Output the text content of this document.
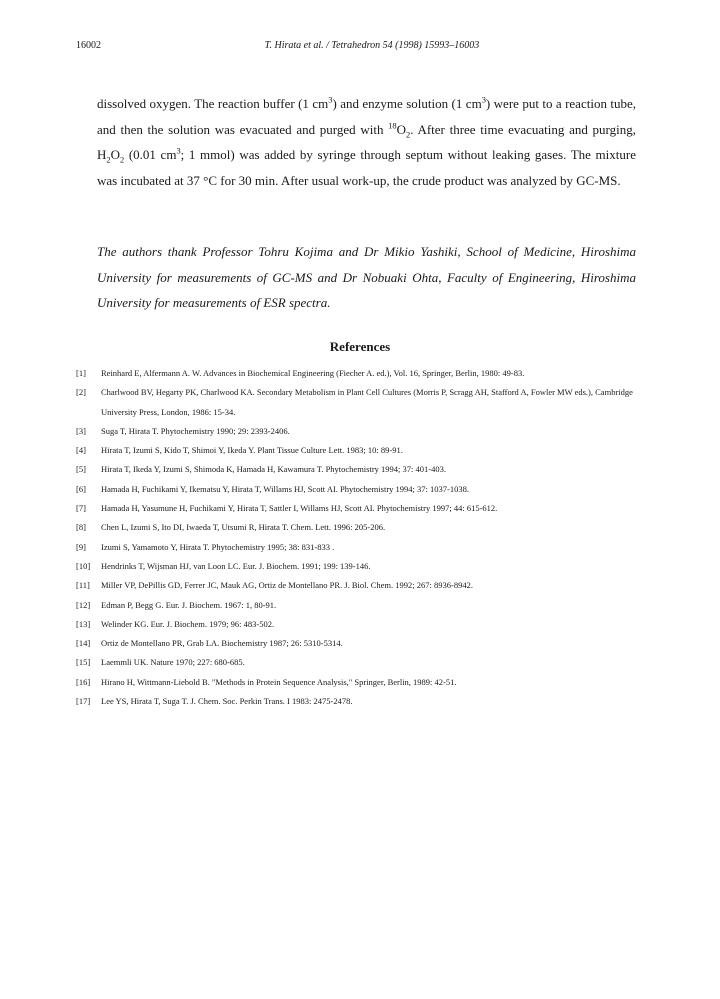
16002	T. Hirata et al. / Tetrahedron 54 (1998) 15993–16003

dissolved oxygen. The reaction buffer (1 $cm^3$) and enzyme solution (1 $cm^3$) were put to a reaction tube, and then the solution was evacuated and purged with $^{18}O_2$. After three time evacuating and purging, $H_2O_2$ (0.01 $cm^3$; 1 mmol) was added by syringe through septum without leaking gases. The mixture was incubated at 37 °C for 30 min. After usual work-up, the crude product was analyzed by GC-MS.

The authors thank Professor Tohru Kojima and Dr Mikio Yashiki, School of Medicine, Hiroshima University for measurements of GC-MS and Dr Nobuaki Ohta, Faculty of Engineering, Hiroshima University for measurements of ESR spectra.

References
[1] Reinhard E, Alfermann A. W. Advances in Biochemical Engineering (Fiecher A. ed.), Vol. 16, Springer, Berlin, 1980: 49-83.
[2] Charlwood BV, Hegarty PK, Charlwood KA. Secondary Metabolism in Plant Cell Cultures (Morris P, Scragg AH, Stafford A, Fowler MW eds.), Cambridge University Press, London, 1986: 15-34.
[3] Suga T, Hirata T. Phytochemistry 1990; 29: 2393-2406.
[4] Hirata T, Izumi S, Kido T, Shimoi Y, Ikeda Y. Plant Tissue Culture Lett. 1983; 10: 89-91.
[5] Hirata T, Ikeda Y, Izumi S, Shimoda K, Hamada H, Kawamura T. Phytochemistry 1994; 37: 401-403.
[6] Hamada H, Fuchikami Y, Ikematsu Y, Hirata T, Willams HJ, Scott AI. Phytochemistry 1994; 37: 1037-1038.
[7] Hamada H, Yasumune H, Fuchikami Y, Hirata T, Sattler I, Willams HJ, Scott AI. Phytochemistry 1997; 44: 615-612.
[8] Chen L, Izumi S, Ito DI, Iwaeda T, Utsumi R, Hirata T. Chem. Lett. 1996: 205-206.
[9] Izumi S, Yamamoto Y, Hirata T. Phytochemistry 1995; 38: 831-833 .
[10] Hendrinks T, Wijsman HJ, van Loon LC. Eur. J. Biochem. 1991; 199: 139-146.
[11] Miller VP, DePillis GD, Ferrer JC, Mauk AG, Ortiz de Montellano PR. J. Biol. Chem. 1992; 267: 8936-8942.
[12] Edman P, Begg G. Eur. J. Biochem. 1967: 1, 80-91.
[13] Welinder KG. Eur. J. Biochem. 1979; 96: 483-502.
[14] Ortiz de Montellano PR, Grab LA. Biochemistry 1987; 26: 5310-5314.
[15] Laemmli UK. Nature 1970; 227: 680-685.
[16] Hirano H, Wittmann-Liebold B. "Methods in Protein Sequence Analysis," Springer, Berlin, 1989: 42-51.
[17] Lee YS, Hirata T, Suga T. J. Chem. Soc. Perkin Trans. I 1983: 2475-2478.
